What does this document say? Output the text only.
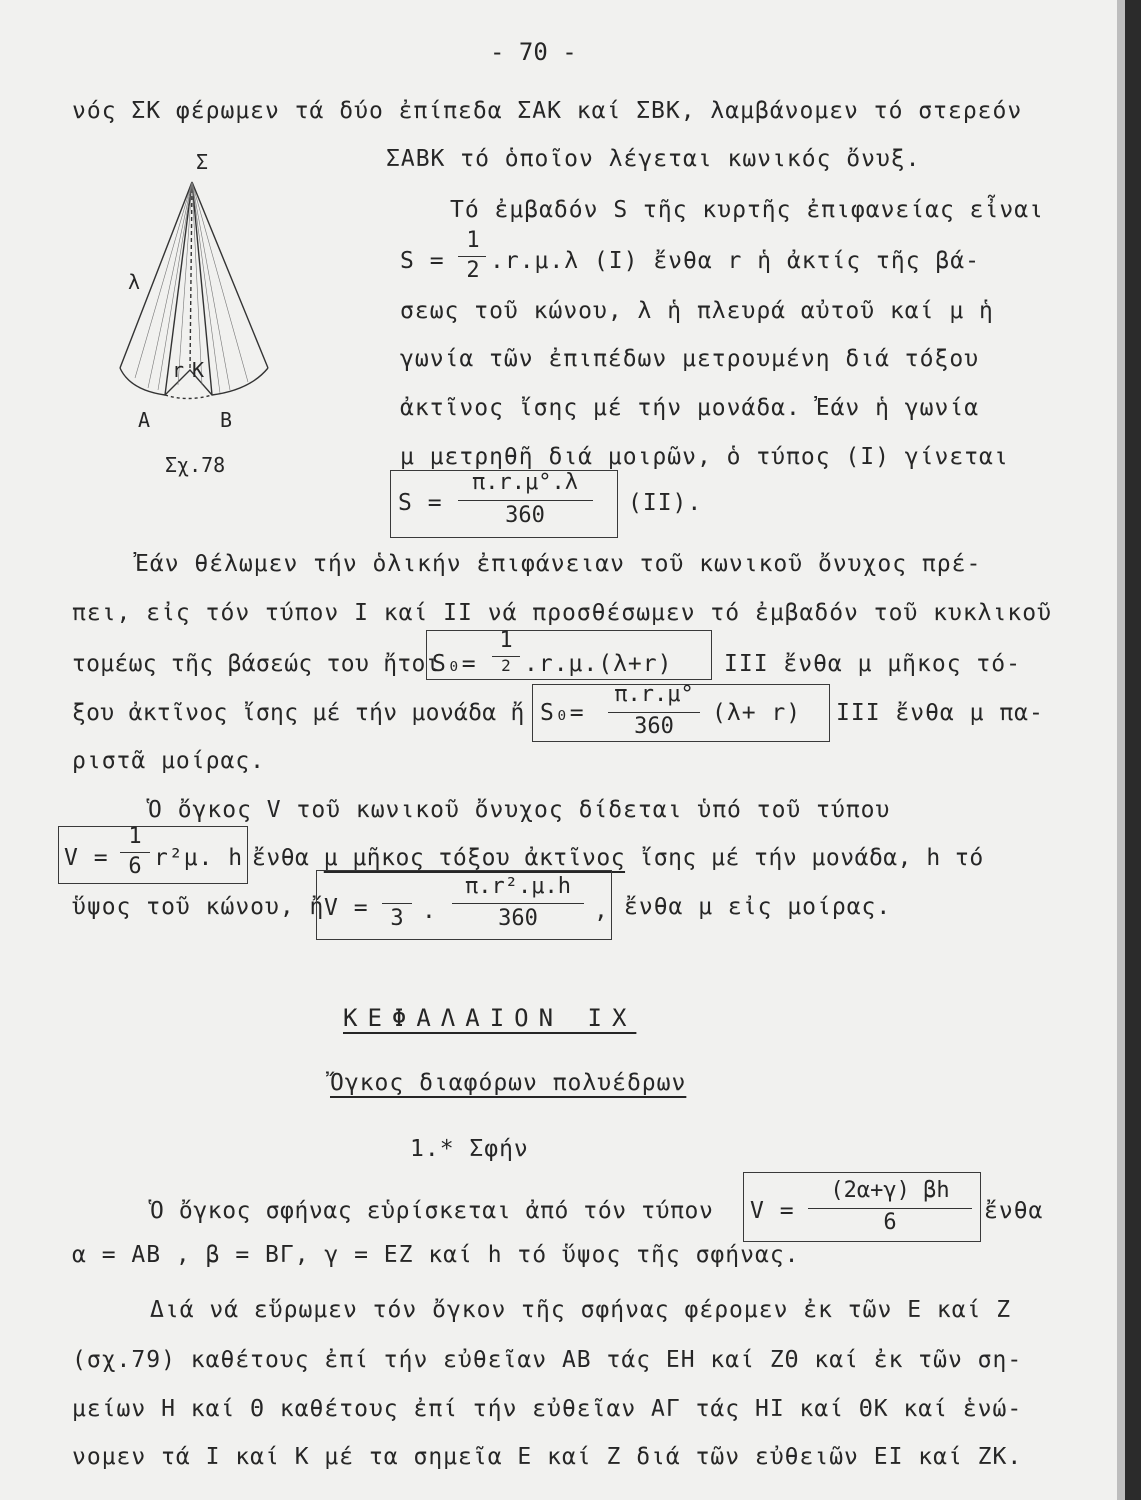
- 70 -
νός ΣΚ φέρωμεν τά δύο ἐπίπεδα ΣΑΚ καί ΣΒΚ, λαμβάνομεν τό στερεόν
Σ
λ
r K
A	B
Σχ.78
ΣΑΒΚ τό ὁποῖον λέγεται κωνικός ὄνυξ.
Τό ἐμβαδόν S τῆς κυρτῆς ἐπιφανείας εἶναι
S =
1
2 .r.μ.λ (I) ἔνθα r ἡ ἀκτίς τῆς βά-
σεως τοῦ κώνου, λ ἡ πλευρά αὐτοῦ καί μ ἡ
γωνία τῶν ἐπιπέδων μετρουμένη διά τόξου
ἀκτῖνος ἴσης μέ τήν μονάδα. Ἐάν ἡ γωνία
μ μετρηθῆ διά μοιρῶν, ὁ τύπος (I) γίνεται
S =
π.r.μ°.λ
360	(II).
Ἐάν θέλωμεν τήν ὁλικήν ἐπιφάνειαν τοῦ κωνικοῦ ὄνυχος πρέ-
πει, εἰς τόν τύπον I καί II νά προσθέσωμεν τό ἐμβαδόν τοῦ κυκλικοῦ
τομέως τῆς βάσεώς του ἤτοι
S₀=
1
2 .r.μ.(λ+r) III ἔνθα μ μῆκος τό-
ξου ἀκτῖνος ἴσης μέ τήν μονάδα ἤ S₀=
π.r.μ°
360
(λ+ r) III ἔνθα μ πα-
ριστᾶ μοίρας.
Ὁ ὄγκος V τοῦ κωνικοῦ ὄνυχος δίδεται ὑπό τοῦ τύπου
V =
1
6 r²μ. h ἔνθα μ μῆκος τόξου ἀκτῖνος ἴσης μέ τήν μονάδα, h τό
ὕψος τοῦ κώνου, ἤ V = 3 .
π.r².μ.h
360	, ἔνθα μ εἰς μοίρας.
ΚΕΦΑΛΑΙΟΝ IX
Ὄγκος διαφόρων πολυέδρων
1.* Σφήν
Ὁ ὄγκος σφήνας εὑρίσκεται ἀπό τόν τύπον V =
(2α+γ) βh
6	ἔνθα
α = AB , β = ΒΓ, γ = ΕΖ καί h τό ὕψος τῆς σφήνας.
Διά νά εὕρωμεν τόν ὄγκον τῆς σφήνας φέρομεν ἐκ τῶν Ε καί Ζ
(σχ.79) καθέτους ἐπί τήν εὐθεῖαν AB τάς ΕΗ καί ΖΘ καί ἐκ τῶν ση-
μείων Η καί Θ καθέτους ἐπί τήν εὐθεῖαν ΑΓ τάς ΗΙ καί ΘΚ καί ἑνώ-
νομεν τά Ι καί Κ μέ τα σημεῖα Ε καί Ζ διά τῶν εὐθειῶν ΕΙ καί ΖΚ.
